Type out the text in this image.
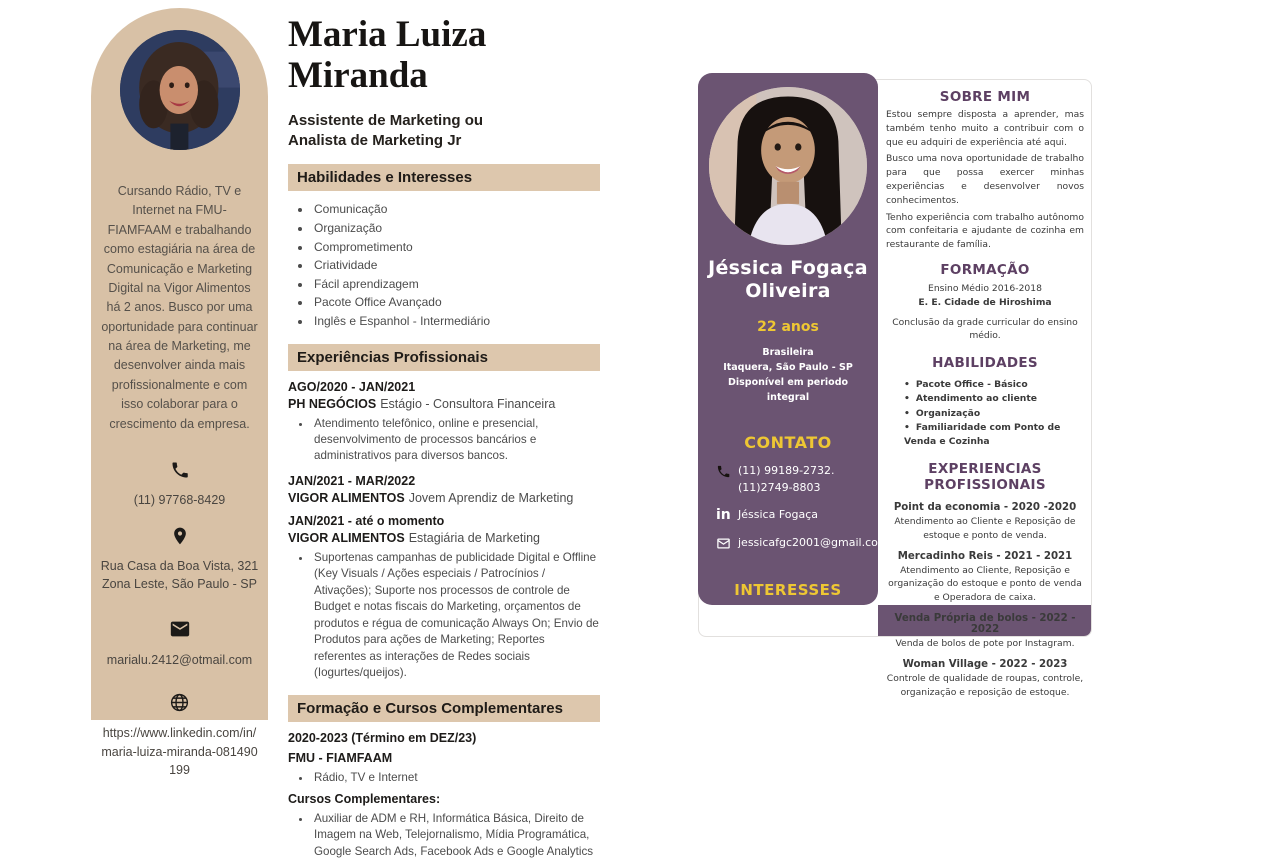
Cursando Rádio, TV e Internet na FMU-FIAMFAAM e trabalhando como estagiária na área de Comunicação e Marketing Digital na Vigor Alimentos há 2 anos. Busco por uma oportunidade para continuar na área de Marketing, me desenvolver ainda mais profissionalmente e com isso colaborar para o crescimento da empresa.
(11) 97768-8429
Rua Casa da Boa Vista, 321
Zona Leste, São Paulo - SP
marialu.2412@otmail.com
https://www.linkedin.com/in/maria-luiza-miranda-081490199
Maria Luiza
Miranda
Assistente de Marketing ou
Analista de Marketing Jr
Habilidades e Interesses
• Comunicação
• Organização
• Comprometimento
• Criatividade
• Fácil aprendizagem
• Pacote Office Avançado
• Inglês e Espanhol - Intermediário
Experiências Profissionais
AGO/2020 - JAN/2021
PH NEGÓCIOS Estágio - Consultora Financeira
• Atendimento telefônico, online e presencial, desenvolvimento de processos bancários e administrativos para diversos bancos.
JAN/2021 - MAR/2022
VIGOR ALIMENTOS Jovem Aprendiz de Marketing
JAN/2021 - até o momento
VIGOR ALIMENTOS Estagiária de Marketing
• Suportenas campanhas de publicidade Digital e Offline (Key Visuals / Ações especiais / Patrocínios / Ativações); Suporte nos processos de controle de Budget e notas fiscais do Marketing, orçamentos de produtos e régua de comunicação Always On; Envio de Produtos para ações de Marketing; Reportes referentes as interações de Redes sociais (Iogurtes/queijos).
Formação e Cursos Complementares
2020-2023 (Término em DEZ/23)
FMU - FIAMFAAM
• Rádio, TV e Internet
Cursos Complementares:
• Auxiliar de ADM e RH, Informática Básica, Direito de Imagem na Web, Telejornalismo, Mídia Programática, Google Search Ads, Facebook Ads e Google Analytics
Jéssica Fogaça
Oliveira
22 anos
Brasileira
Itaquera, São Paulo - SP
Disponível em periodo integral
CONTATO
(11) 99189-2732.
(11)2749-8803
in Jéssica Fogaça
jessicafgc2001@gmail.com
INTERESSES
Recepcionista
Atendente
Auxiliar de cozinha
SOBRE MIM

Estou sempre disposta a aprender, mas também tenho muito a contribuir com o que eu adquiri de experiência até aqui.

Busco uma nova oportunidade de trabalho para que possa exercer minhas experiências e desenvolver novos conhecimentos.

Tenho experiência com trabalho autônomo com confeitaria e ajudante de cozinha em restaurante de família.

FORMAÇÃO
Ensino Médio 2016-2018
E. E. Cidade de Hiroshima
Conclusão da grade curricular do ensino médio.
HABILIDADES
• Pacote Office - Básico
• Atendimento ao cliente
• Organização
• Familiaridade com Ponto de Venda e Cozinha
EXPERIENCIAS PROFISSIONAIS
Point da economia - 2020 -2020
Atendimento ao Cliente e Reposição de estoque e ponto de venda.
Mercadinho Reis - 2021 - 2021
Atendimento ao Cliente, Reposição e organização do estoque e ponto de venda e Operadora de caixa.
Venda Própria de bolos - 2022 - 2022
Venda de bolos de pote por Instagram.
Woman Village - 2022 - 2023
Controle de qualidade de roupas, controle, organização e reposição de estoque.
